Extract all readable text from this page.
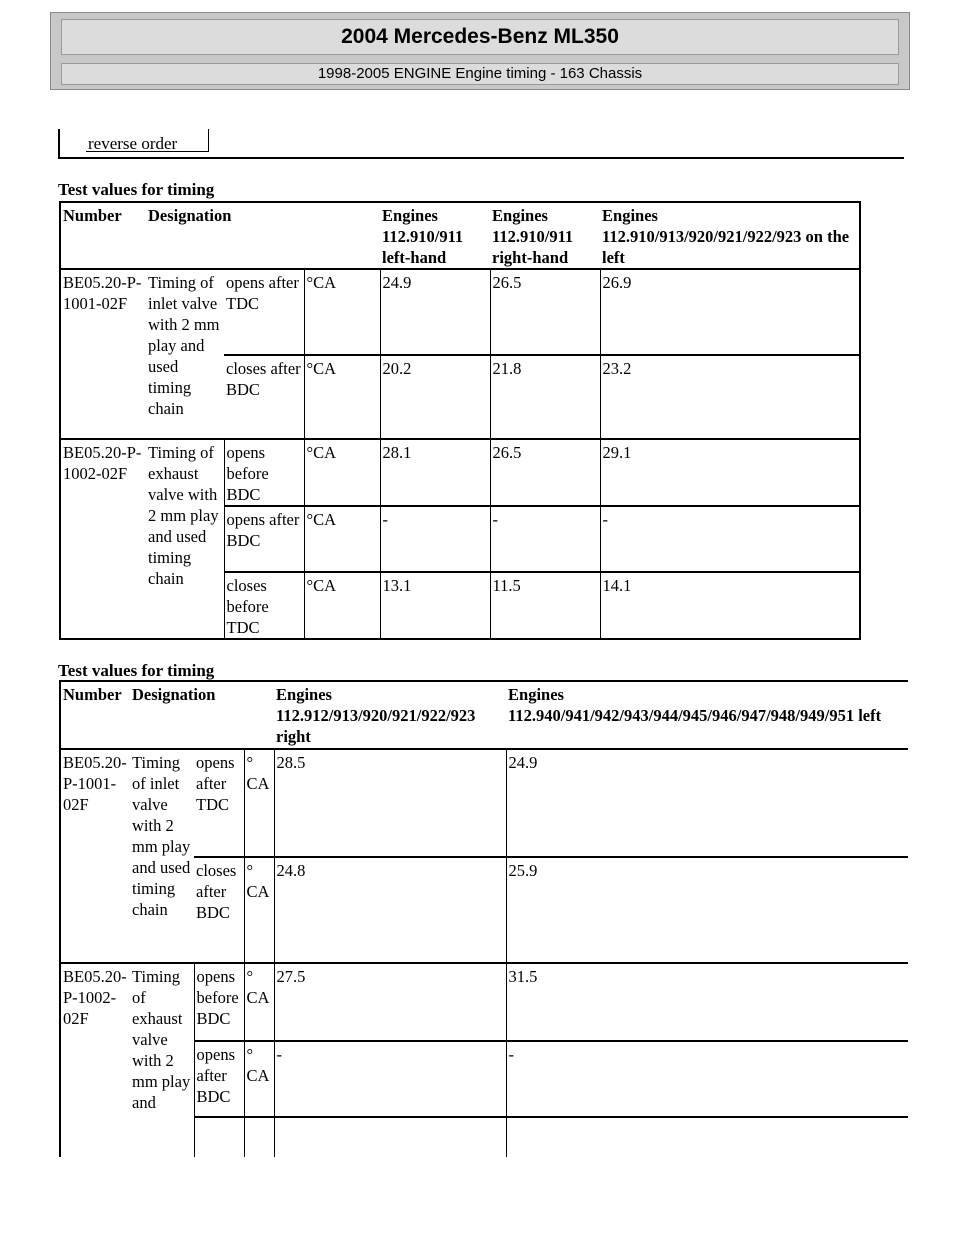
2004 Mercedes-Benz ML350
1998-2005 ENGINE Engine timing - 163 Chassis
reverse order
Test values for timing
Number	Designation			Engines 112.910/911 left-hand	Engines 112.910/911 right-hand	Engines 112.910/913/920/921/922/923 on the left
BE05.20-P-1001-02F	Timing of inlet valve with 2 mm play and used timing chain	opens after TDC	°CA	24.9	26.5	26.9
		closes after BDC	°CA	20.2	21.8	23.2
BE05.20-P-1002-02F	Timing of exhaust valve with 2 mm play and used timing chain	opens before BDC	°CA	28.1	26.5	29.1
		opens after BDC	°CA	-	-	-
		closes before TDC	°CA	13.1	11.5	14.1
Test values for timing
Number	Designation			Engines 112.912/913/920/921/922/923 right	Engines 112.940/941/942/943/944/945/946/947/948/949/951 left
BE05.20-P-1001-02F	Timing of inlet valve with 2 mm play and used timing chain	opens after TDC	° CA	28.5	24.9
		closes after BDC	° CA	24.8	25.9
BE05.20-P-1002-02F	Timing of exhaust valve with 2 mm play and	opens before BDC	° CA	27.5	31.5
		opens after BDC	° CA	-	-
